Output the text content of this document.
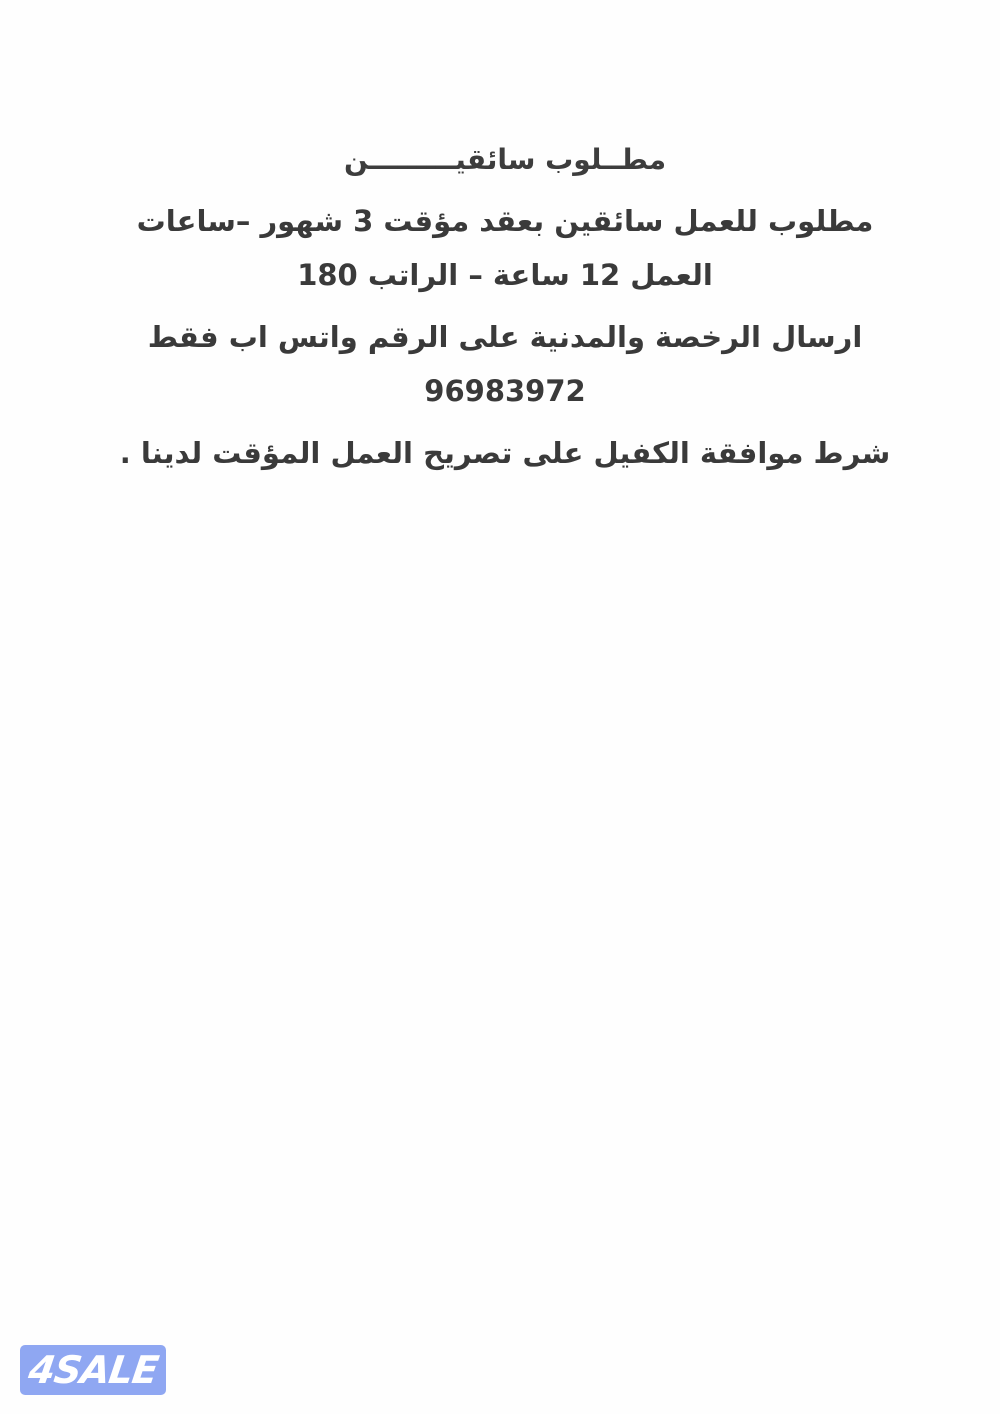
مطــلوب سائقيـــــــــن

مطلوب للعمل سائقين بعقد مؤقت 3 شهور –ساعات العمل 12 ساعة – الراتب 180

ارسال الرخصة والمدنية على الرقم واتس اب فقط 96983972

شرط موافقة الكفيل على تصريح العمل المؤقت لدينا .

4SALE
